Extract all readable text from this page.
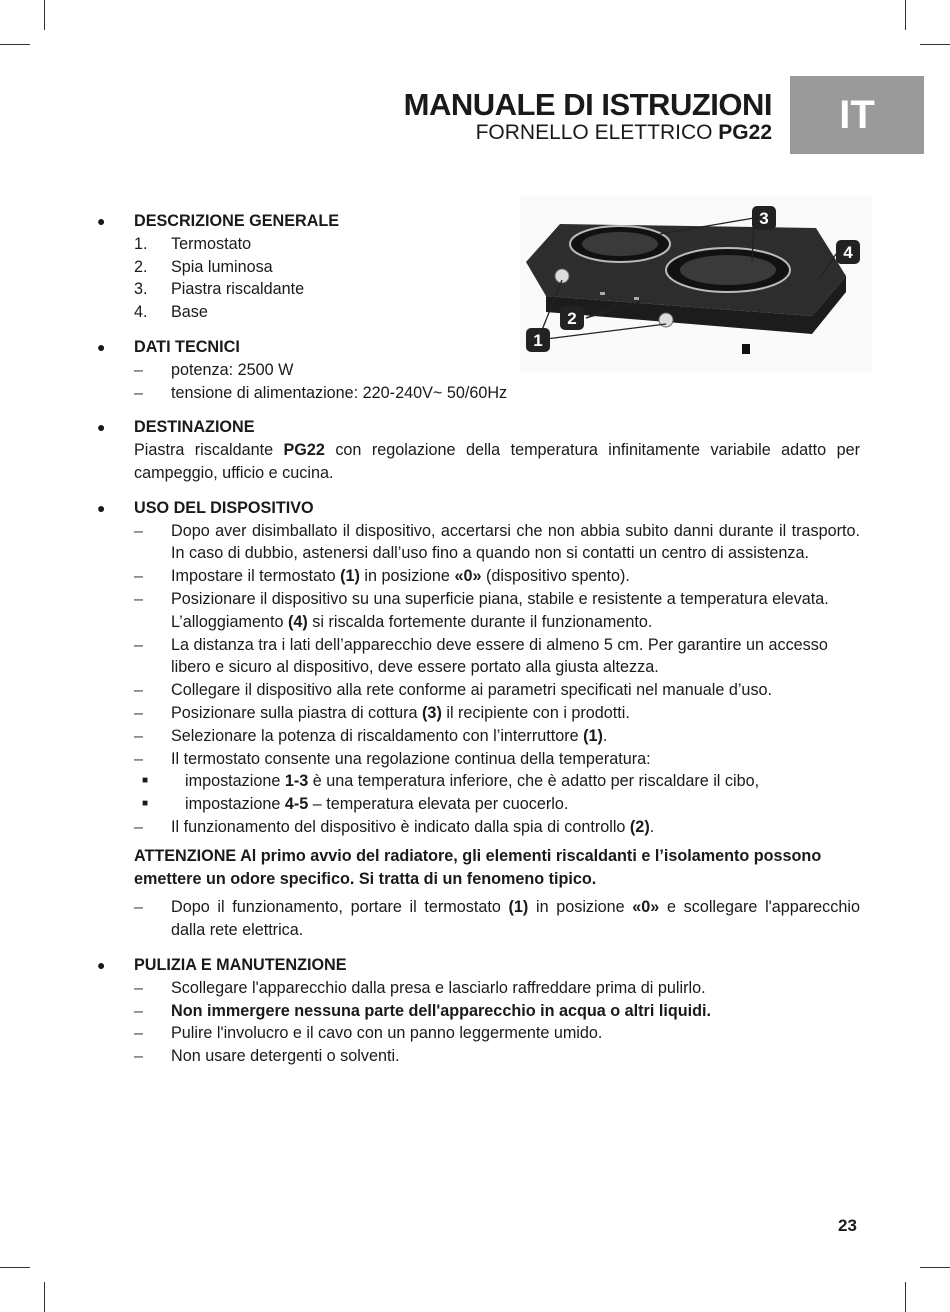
MANUALE DI ISTRUZIONI
FORNELLO ELETTRICO PG22	IT
1
2
3
4
● DESCRIZIONE GENERALE
1. Termostato
2. Spia luminosa
3. Piastra riscaldante
4. Base
● DATI TECNICI
– potenza: 2500 W
– tensione di alimentazione: 220-240V~ 50/60Hz
● DESTINAZIONE
Piastra riscaldante PG22 con regolazione della temperatura infinitamente variabile adatto per campeggio, ufficio e cucina.
● USO DEL DISPOSITIVO
– Dopo aver disimballato il dispositivo, accertarsi che non abbia subito danni durante il trasporto. In caso di dubbio, astenersi dall’uso fino a quando non si contatti un centro di assistenza.
– Impostare il termostato (1) in posizione «0» (dispositivo spento).
– Posizionare il dispositivo su una superficie piana, stabile e resistente a temperatura elevata. L’alloggiamento (4) si riscalda fortemente durante il funzionamento.
– La distanza tra i lati dell’apparecchio deve essere di almeno 5 cm. Per garantire un accesso libero e sicuro al dispositivo, deve essere portato alla giusta altezza.
– Collegare il dispositivo alla rete conforme ai parametri specificati nel manuale d’uso.
– Posizionare sulla piastra di cottura (3) il recipiente con i prodotti.
– Selezionare la potenza di riscaldamento con l’interruttore (1).
– Il termostato consente una regolazione continua della temperatura:
■ impostazione 1-3 è una temperatura inferiore, che è adatto per riscaldare il cibo,
■ impostazione 4-5 – temperatura elevata per cuocerlo.
– Il funzionamento del dispositivo è indicato dalla spia di controllo (2).
ATTENZIONE Al primo avvio del radiatore, gli elementi riscaldanti e l’isolamento possono emettere un odore specifico. Si tratta di un fenomeno tipico.
– Dopo il funzionamento, portare il termostato (1) in posizione «0» e scollegare l'apparecchio dalla rete elettrica.
● PULIZIA E MANUTENZIONE
– Scollegare l'apparecchio dalla presa e lasciarlo raffreddare prima di pulirlo.
– Non immergere nessuna parte dell'apparecchio in acqua o altri liquidi.
– Pulire l'involucro e il cavo con un panno leggermente umido.
– Non usare detergenti o solventi.
23
